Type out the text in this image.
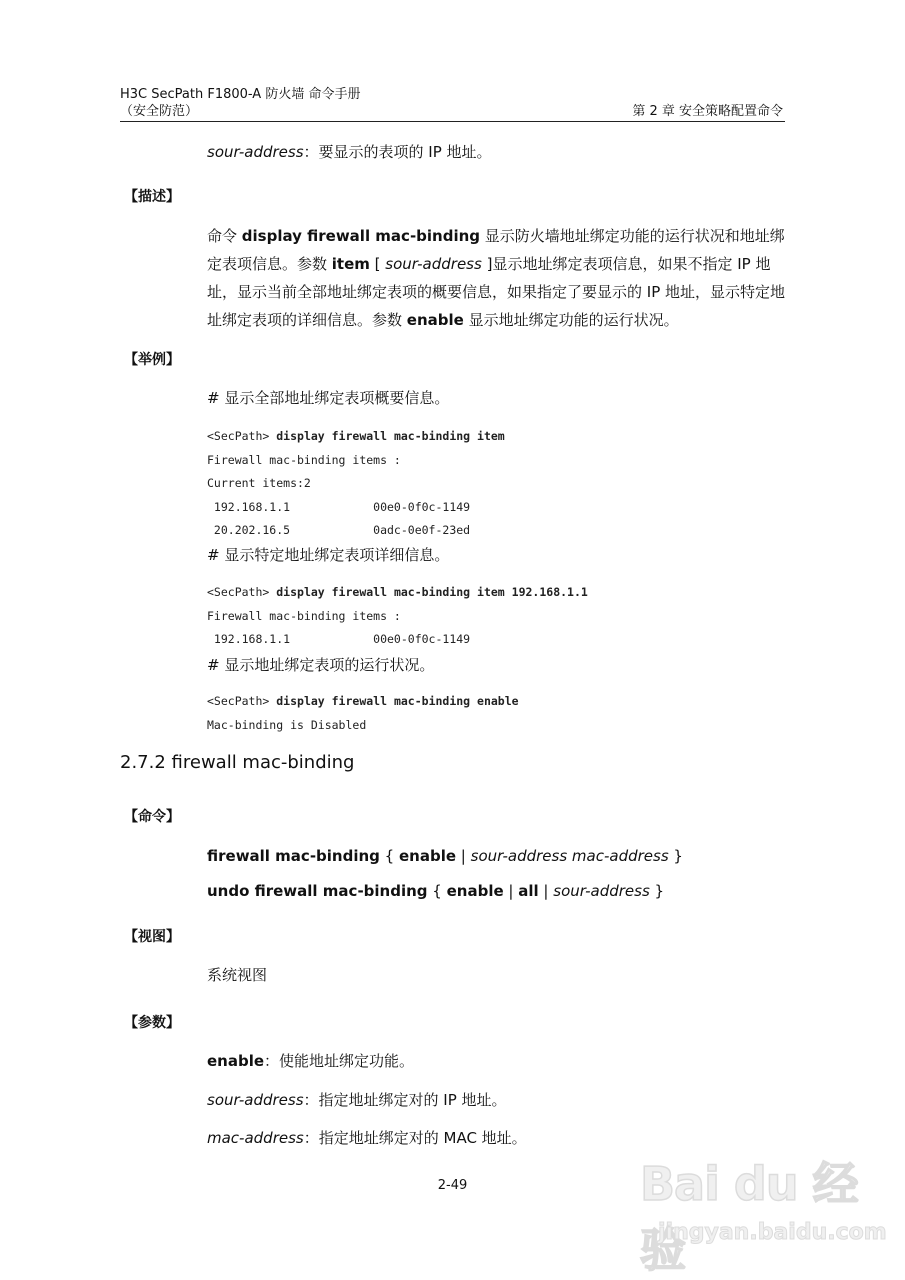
H3C SecPath F1800-A 防火墙 命令手册
（安全防范）	第 2 章 安全策略配置命令
sour-address：要显示的表项的 IP 地址。
【描述】
命令 display firewall mac-binding 显示防火墙地址绑定功能的运行状况和地址绑定表项信息。参数 item [ sour-address ]显示地址绑定表项信息，如果不指定 IP 地址，显示当前全部地址绑定表项的概要信息，如果指定了要显示的 IP 地址，显示特定地址绑定表项的详细信息。参数 enable 显示地址绑定功能的运行状况。
【举例】
# 显示全部地址绑定表项概要信息。
<SecPath> display firewall mac-binding item
Firewall mac-binding items :
Current items:2
192.168.1.1            00e0-0f0c-1149
20.202.16.5            0adc-0e0f-23ed
# 显示特定地址绑定表项详细信息。
<SecPath> display firewall mac-binding item 192.168.1.1
Firewall mac-binding items :
192.168.1.1            00e0-0f0c-1149
# 显示地址绑定表项的运行状况。
<SecPath> display firewall mac-binding enable
Mac-binding is Disabled
2.7.2 firewall mac-binding
【命令】
firewall mac-binding { enable | sour-address mac-address }
undo firewall mac-binding { enable | all | sour-address }
【视图】
系统视图
【参数】
enable：使能地址绑定功能。
sour-address：指定地址绑定对的 IP 地址。
mac-address：指定地址绑定对的 MAC 地址。
2-49	Bai du 经验
jingyan.baidu.com
